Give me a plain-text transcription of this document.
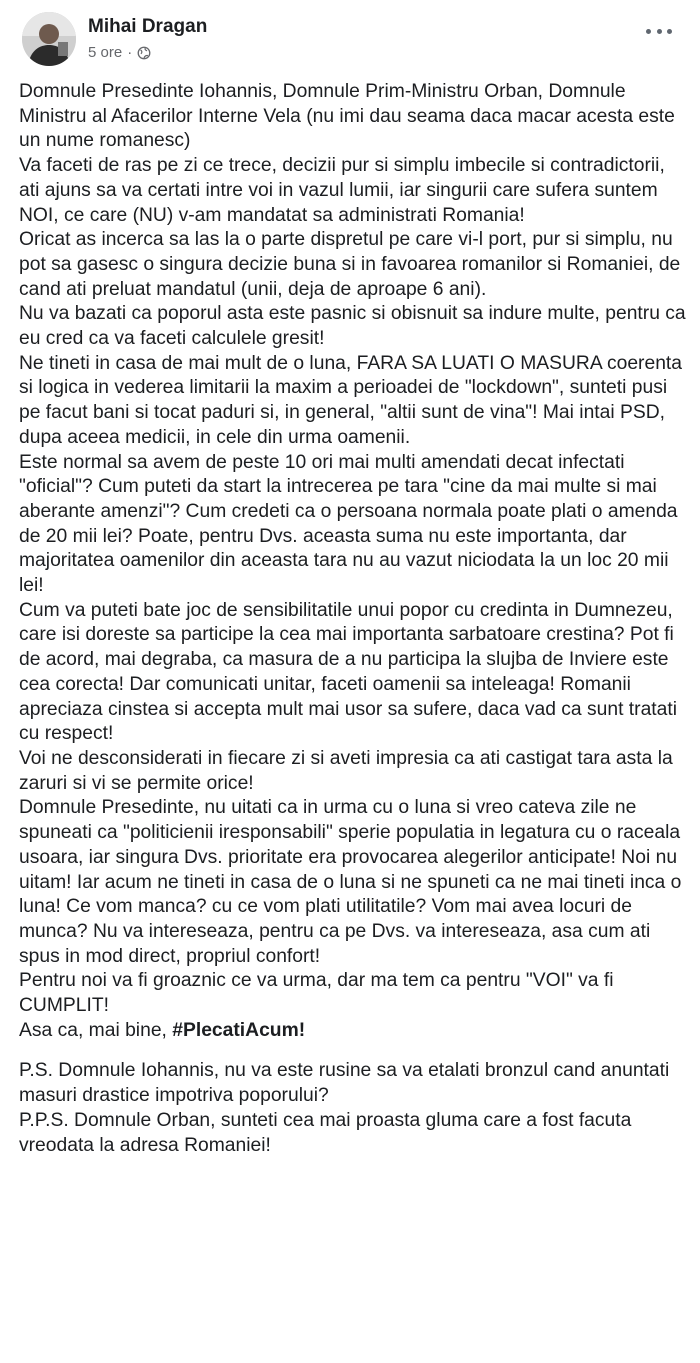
Mihai Dragan
5 ore ·

Domnule Presedinte Iohannis, Domnule Prim-Ministru Orban, Domnule Ministru al Afacerilor Interne Vela (nu imi dau seama daca macar acesta este un nume romanesc)

Va faceti de ras pe zi ce trece, decizii pur si simplu imbecile si contradictorii, ati ajuns sa va certati intre voi in vazul lumii, iar singurii care sufera suntem NOI, ce care (NU) v-am mandatat sa administrati Romania!

Oricat as incerca sa las la o parte dispretul pe care vi-l port, pur si simplu, nu pot sa gasesc o singura decizie buna si in favoarea romanilor si Romaniei, de cand ati preluat mandatul (unii, deja de aproape 6 ani).

Nu va bazati ca poporul asta este pasnic si obisnuit sa indure multe, pentru ca eu cred ca va faceti calculele gresit!

Ne tineti in casa de mai mult de o luna, FARA SA LUATI O MASURA coerenta si logica in vederea limitarii la maxim a perioadei de "lockdown", sunteti pusi pe facut bani si tocat paduri si, in general, "altii sunt de vina"! Mai intai PSD, dupa aceea medicii, in cele din urma oamenii.

Este normal sa avem de peste 10 ori mai multi amendati decat infectati "oficial"? Cum puteti da start la intrecerea pe tara "cine da mai multe si mai aberante amenzi"? Cum credeti ca o persoana normala poate plati o amenda de 20 mii lei? Poate, pentru Dvs. aceasta suma nu este importanta, dar majoritatea oamenilor din aceasta tara nu au vazut niciodata la un loc 20 mii lei!

Cum va puteti bate joc de sensibilitatile unui popor cu credinta in Dumnezeu, care isi doreste sa participe la cea mai importanta sarbatoare crestina? Pot fi de acord, mai degraba, ca masura de a nu participa la slujba de Inviere este cea corecta! Dar comunicati unitar, faceti oamenii sa inteleaga! Romanii apreciaza cinstea si accepta mult mai usor sa sufere, daca vad ca sunt tratati cu respect!

Voi ne desconsiderati in fiecare zi si aveti impresia ca ati castigat tara asta la zaruri si vi se permite orice!

Domnule Presedinte, nu uitati ca in urma cu o luna si vreo cateva zile ne spuneati ca "politicienii iresponsabili" sperie populatia in legatura cu o raceala usoara, iar singura Dvs. prioritate era provocarea alegerilor anticipate! Noi nu uitam! Iar acum ne tineti in casa de o luna si ne spuneti ca ne mai tineti inca o luna! Ce vom manca? cu ce vom plati utilitatile? Vom mai avea locuri de munca? Nu va intereseaza, pentru ca pe Dvs. va intereseaza, asa cum ati spus in mod direct, propriul confort!

Pentru noi va fi groaznic ce va urma, dar ma tem ca pentru "VOI" va fi CUMPLIT!

Asa ca, mai bine, #PlecatiAcum!

P.S. Domnule Iohannis, nu va este rusine sa va etalati bronzul cand anuntati masuri drastice impotriva poporului?

P.P.S. Domnule Orban, sunteti cea mai proasta gluma care a fost facuta vreodata la adresa Romaniei!
